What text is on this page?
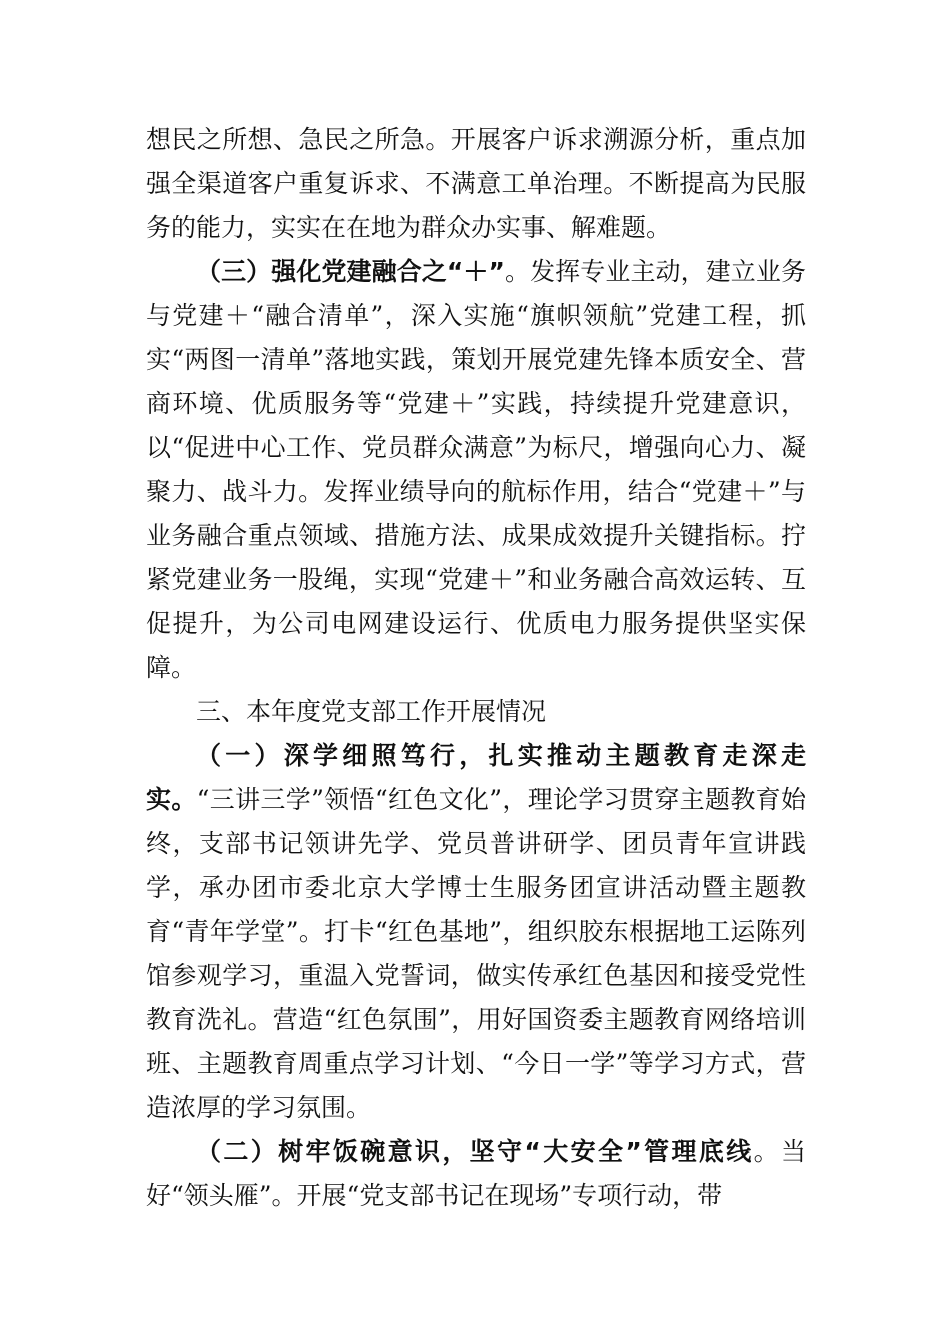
想民之所想、急民之所急。开展客户诉求溯源分析，重点加强全渠道客户重复诉求、不满意工单治理。不断提高为民服务的能力，实实在在地为群众办实事、解难题。

（三）强化党建融合之“＋”。发挥专业主动，建立业务与党建＋“融合清单”，深入实施“旗帜领航”党建工程，抓实“两图一清单”落地实践，策划开展党建先锋本质安全、营商环境、优质服务等“党建＋”实践，持续提升党建意识，以“促进中心工作、党员群众满意”为标尺，增强向心力、凝聚力、战斗力。发挥业绩导向的航标作用，结合“党建＋”与业务融合重点领域、措施方法、成果成效提升关键指标。拧紧党建业务一股绳，实现“党建＋”和业务融合高效运转、互促提升，为公司电网建设运行、优质电力服务提供坚实保障。

三、本年度党支部工作开展情况

（一）深学细照笃行，扎实推动主题教育走深走实。“三讲三学”领悟“红色文化”，理论学习贯穿主题教育始终，支部书记领讲先学、党员普讲研学、团员青年宣讲践学，承办团市委北京大学博士生服务团宣讲活动暨主题教育“青年学堂”。打卡“红色基地”，组织胶东根据地工运陈列馆参观学习，重温入党誓词，做实传承红色基因和接受党性教育洗礼。营造“红色氛围”，用好国资委主题教育网络培训班、主题教育周重点学习计划、“今日一学”等学习方式，营造浓厚的学习氛围。

（二）树牢饭碗意识，坚守“大安全”管理底线。当好“领头雁”。开展“党支部书记在现场”专项行动，带
